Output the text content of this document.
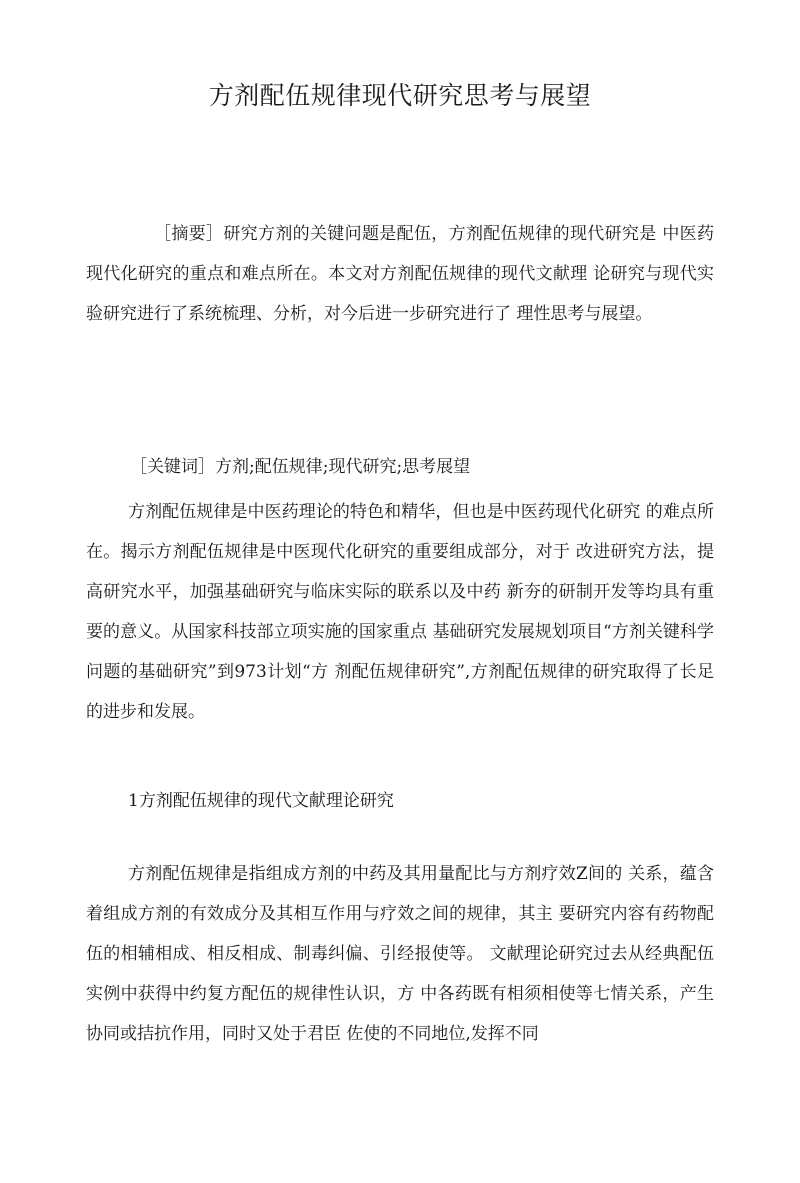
方剂配伍规律现代研究思考与展望

［摘要］研究方剂的关键问题是配伍，方剂配伍规律的现代研究是 中医药现代化研究的重点和难点所在。本文对方剂配伍规律的现代文献理 论研究与现代实验研究进行了系统梳理、分析，对今后进一步研究进行了 理性思考与展望。

［关键词］方剂;配伍规律;现代研究;思考展望

方剂配伍规律是中医药理论的特色和精华，但也是中医药现代化研究 的难点所在。揭示方剂配伍规律是中医现代化研究的重要组成部分，对于 改进研究方法，提高研究水平，加强基础研究与临床实际的联系以及中药 新夯的研制开发等均具有重要的意义。从国家科技部立项实施的国家重点 基础研究发展规划项目“方剂关键科学问题的基础研究”到973计划“方 剂配伍规律研究”,方剂配伍规律的研究取得了长足的进步和发展。

1方剂配伍规律的现代文献理论研究

方剂配伍规律是指组成方剂的中药及其用量配比与方剂疗效Z间的 关系，蕴含着组成方剂的有效成分及其相互作用与疗效之间的规律，其主 要研究内容有药物配伍的相辅相成、相反相成、制毒纠偏、引经报使等。 文献理论研究过去从经典配伍实例中获得中约复方配伍的规律性认识，方 中各药既有相须相使等七情关系，产生协同或拮抗作用，同时又处于君臣 佐使的不同地位,发挥不同
